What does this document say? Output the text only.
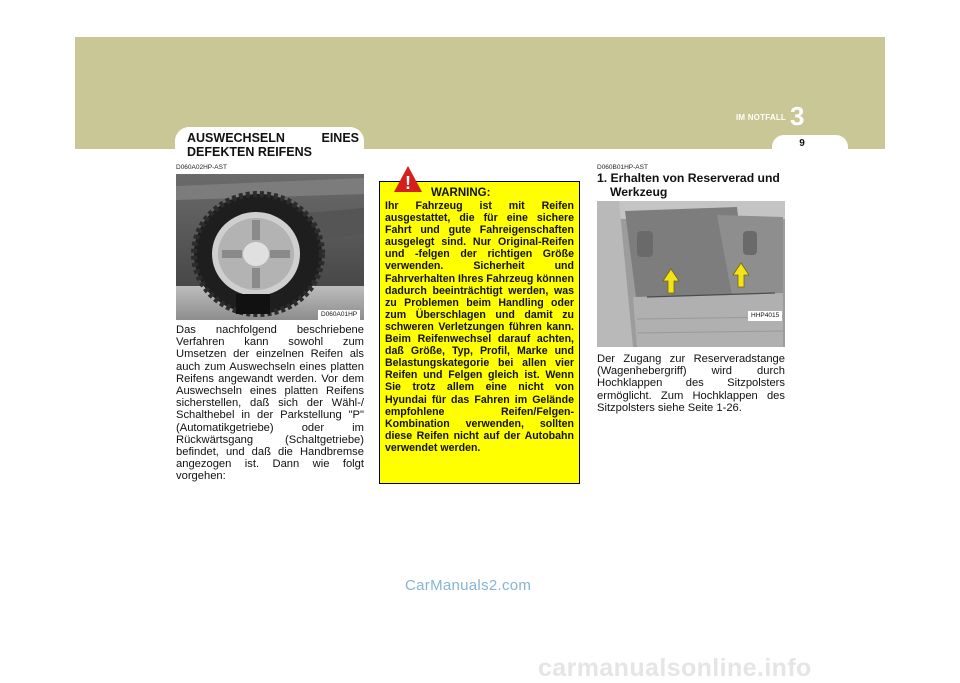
IM NOTFALL 3
9
AUSWECHSELN EINES DEFEKTEN REIFENS
D060A02HP-AST
D060A01HP

Das nachfolgend beschriebene Verfahren kann sowohl zum Umsetzen der einzelnen Reifen als auch zum Auswechseln eines platten Reifens angewandt werden. Vor dem Auswechseln eines platten Reifens sicherstellen, daß sich der Wähl-/ Schalthebel in der Parkstellung "P" (Automatikgetriebe) oder im Rückwärtsgang (Schaltgetriebe) befindet, und daß die Handbremse angezogen ist. Dann wie folgt vorgehen:

! WARNING:

Ihr Fahrzeug ist mit Reifen ausgestattet, die für eine sichere Fahrt und gute Fahreigenschaften ausgelegt sind. Nur Original-Reifen und -felgen der richtigen Größe verwenden. Sicherheit und Fahrverhalten Ihres Fahrzeug können dadurch beeinträchtigt werden, was zu Problemen beim Handling oder zum Überschlagen und damit zu schweren Verletzungen führen kann. Beim Reifenwechsel darauf achten, daß Größe, Typ, Profil, Marke und Belastungskategorie bei allen vier Reifen und Felgen gleich ist. Wenn Sie trotz allem eine nicht von Hyundai für das Fahren im Gelände empfohlene Reifen/Felgen-Kombination verwenden, sollten diese Reifen nicht auf der Autobahn verwendet werden.

D060B01HP-AST
1. Erhalten von Reserverad und
Werkzeug
HHP4015

Der Zugang zur Reserveradstange (Wagenhebergriff) wird durch Hochklappen des Sitzpolsters ermöglicht. Zum Hochklappen des Sitzpolsters siehe Seite 1-26.

CarManuals2.com
carmanualsonline.info
